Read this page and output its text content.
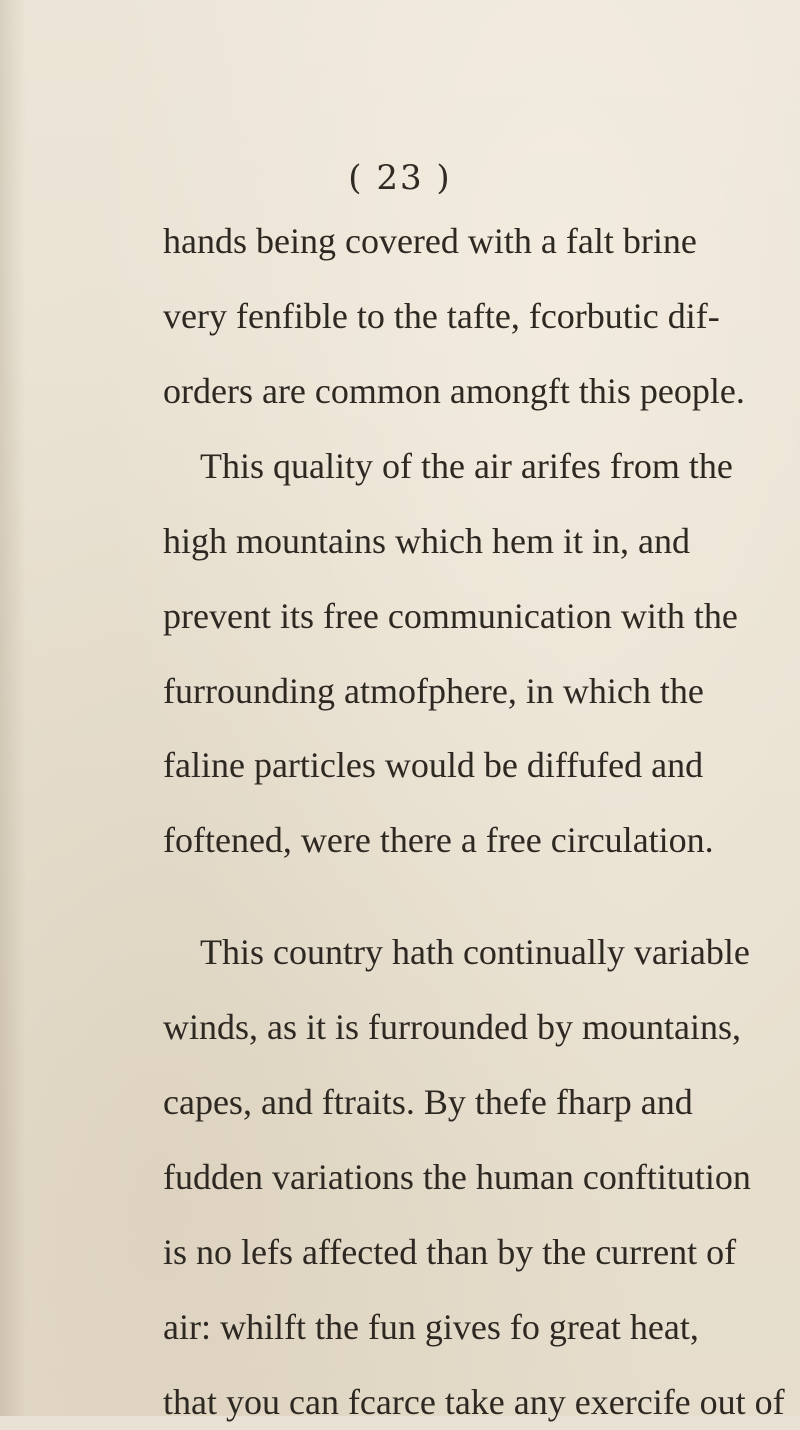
( 23 )
hands being covered with a falt brine
very fenfible to the tafte, fcorbutic dif-
orders are common amongft this people.
This quality of the air arifes from the
high mountains which hem it in, and
prevent its free communication with the
furrounding atmofphere, in which the
faline particles would be diffufed and
foftened, were there a free circulation.
This country hath continually variable
winds, as it is furrounded by mountains,
capes, and ftraits. By thefe fharp and
fudden variations the human conftitution
is no lefs affected than by the current of
air: whilft the fun gives fo great heat,
that you can fcarce take any exercife out of
